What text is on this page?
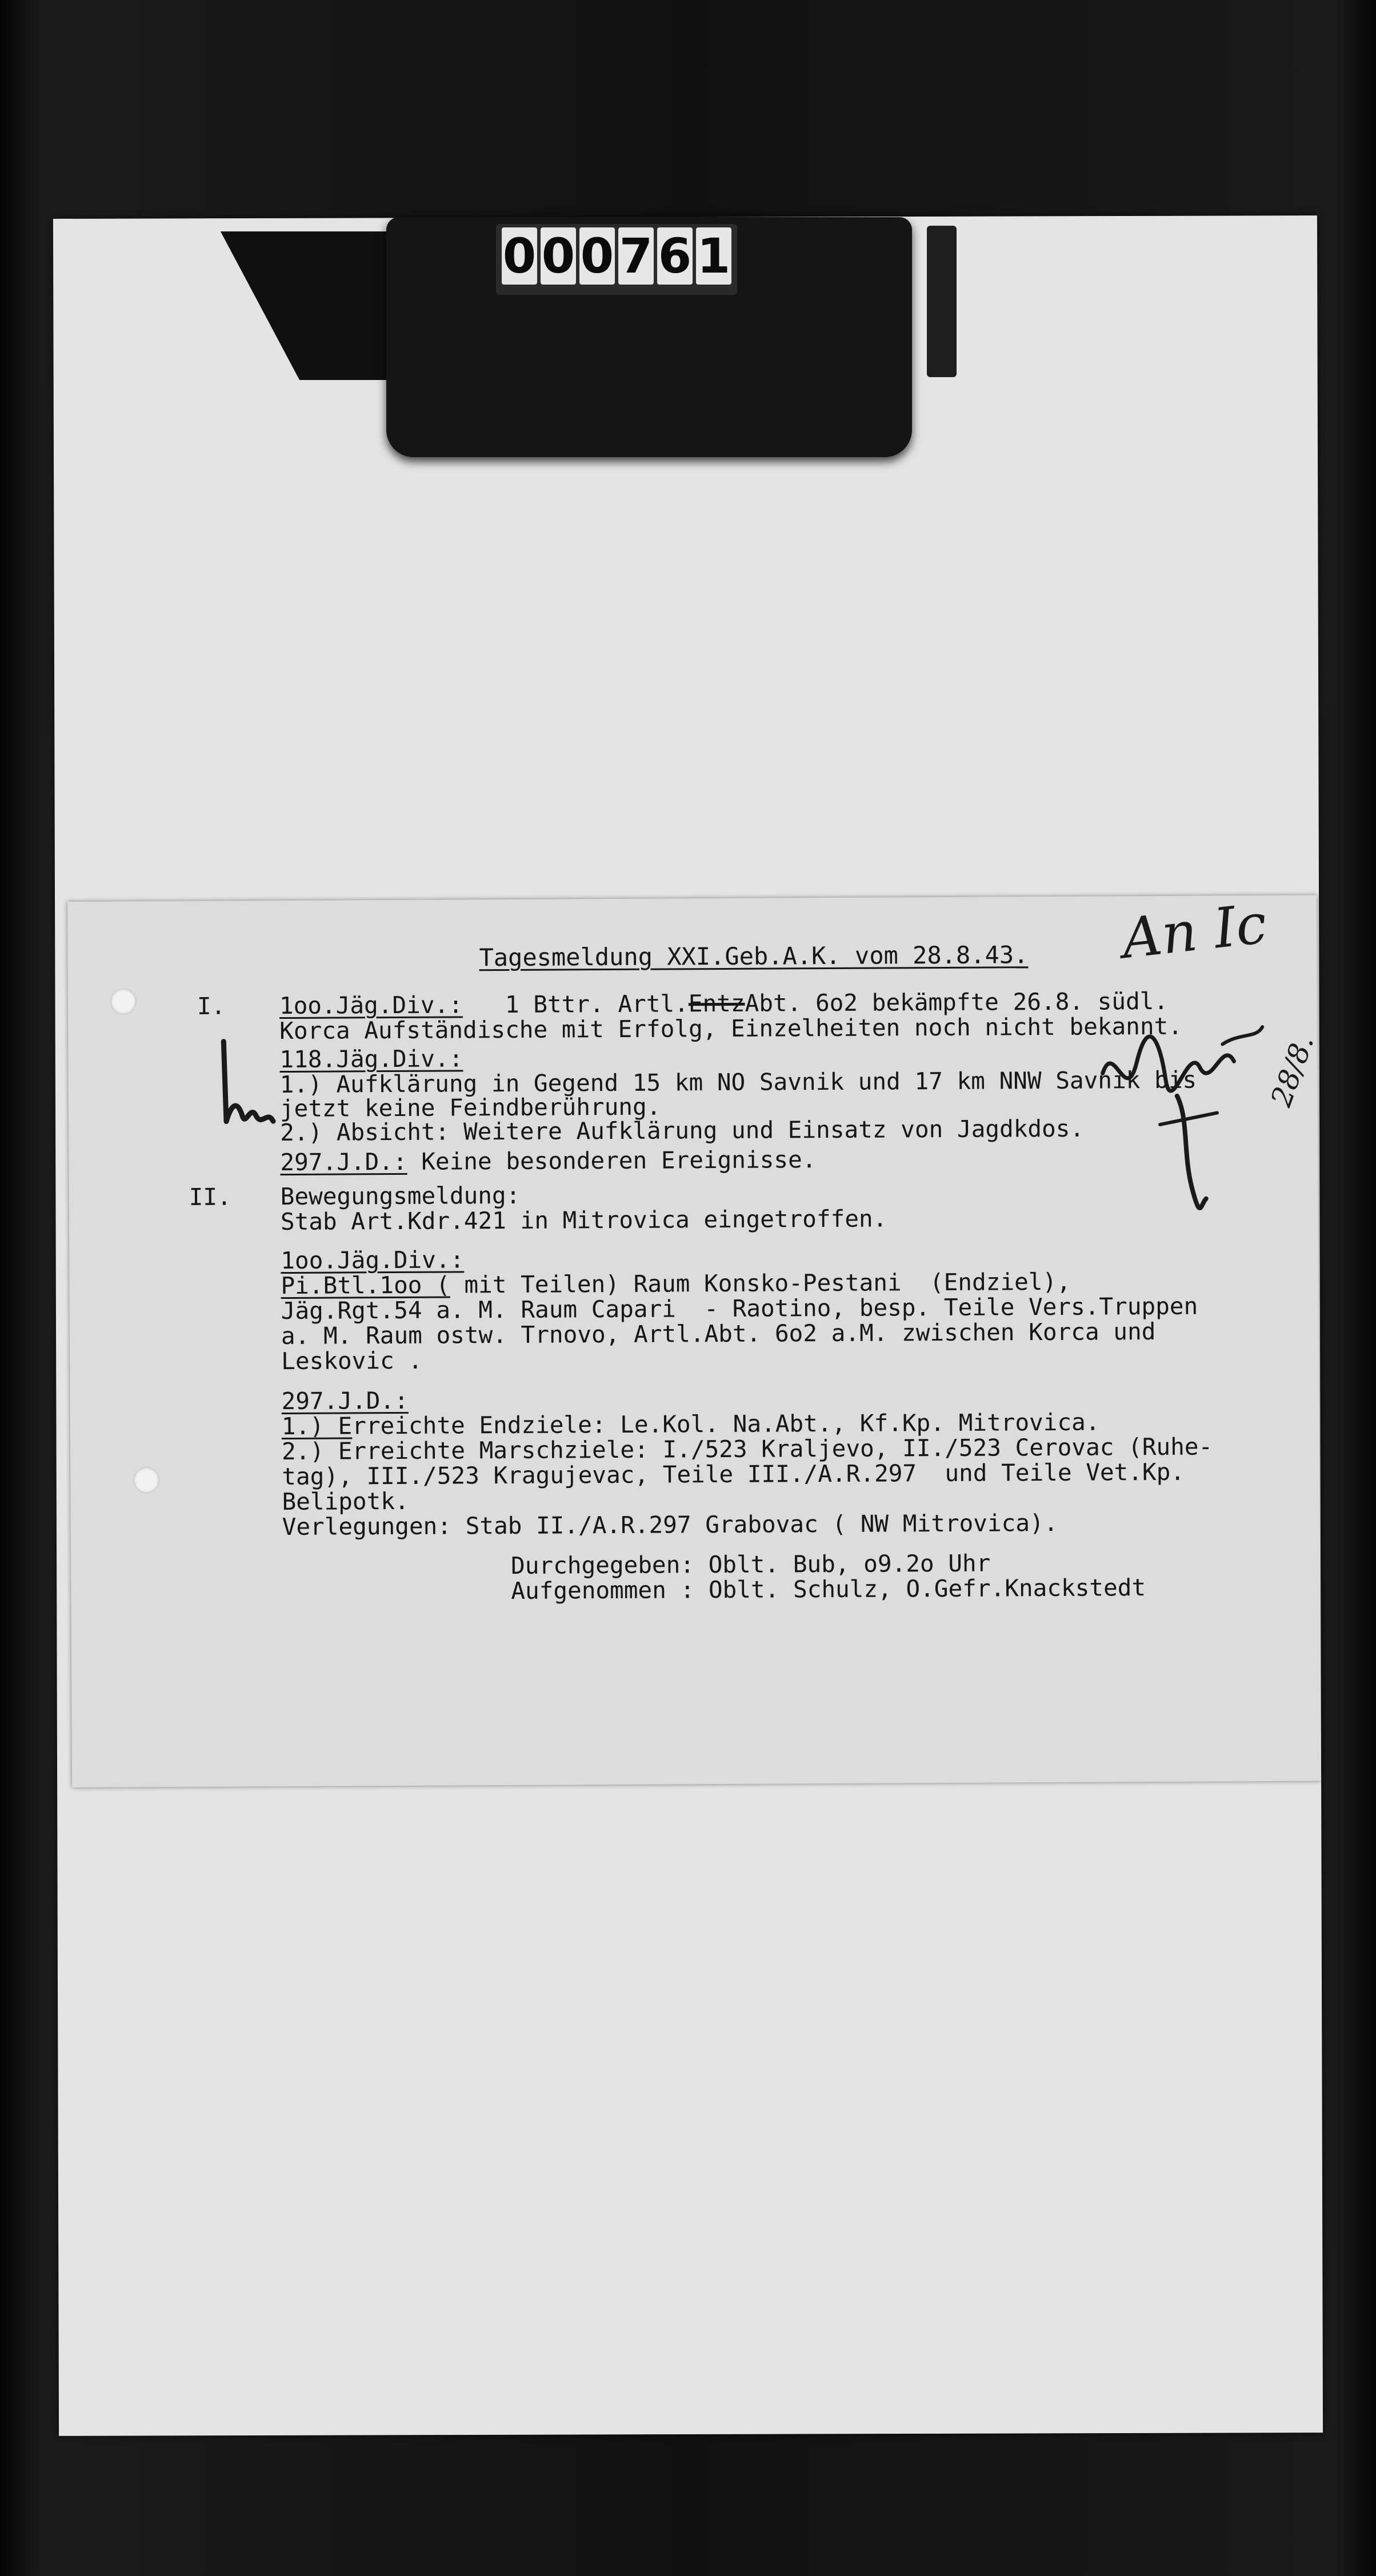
0 0 0 7 6 1

Tagesmeldung XXI.Geb.A.K. vom 28.8.43.

I. 1oo.Jäg.Div.: 1 Bttr. Artl.EntzAbt. 6o2 bekämpfte 26.8. südl.

Korca Aufständische mit Erfolg, Einzelheiten noch nicht bekannt.

118.Jäg.Div.:

1.) Aufklärung in Gegend 15 km NO Savnik und 17 km NNW Savnik bis

jetzt keine Feindberührung.

2.) Absicht: Weitere Aufklärung und Einsatz von Jagdkdos.

297.J.D.: Keine besonderen Ereignisse.

II. Bewegungsmeldung:

Stab Art.Kdr.421 in Mitrovica eingetroffen.

1oo.Jäg.Div.:

Pi.Btl.1oo ( mit Teilen) Raum Konsko-Pestani  (Endziel),

Jäg.Rgt.54 a. M. Raum Capari  - Raotino, besp. Teile Vers.Truppen

a. M. Raum ostw. Trnovo, Artl.Abt. 6o2 a.M. zwischen Korca und

Leskovic .

297.J.D.:

1.) Erreichte Endziele: Le.Kol. Na.Abt., Kf.Kp. Mitrovica.

2.) Erreichte Marschziele: I./523 Kraljevo, II./523 Cerovac (Ruhe-

tag), III./523 Kragujevac, Teile III./A.R.297  und Teile Vet.Kp.

Belipotk.

Verlegungen: Stab II./A.R.297 Grabovac ( NW Mitrovica).

Durchgegeben: Oblt. Bub, o9.2o Uhr

Aufgenommen : Oblt. Schulz, O.Gefr.Knackstedt

An Ic
28/8.
